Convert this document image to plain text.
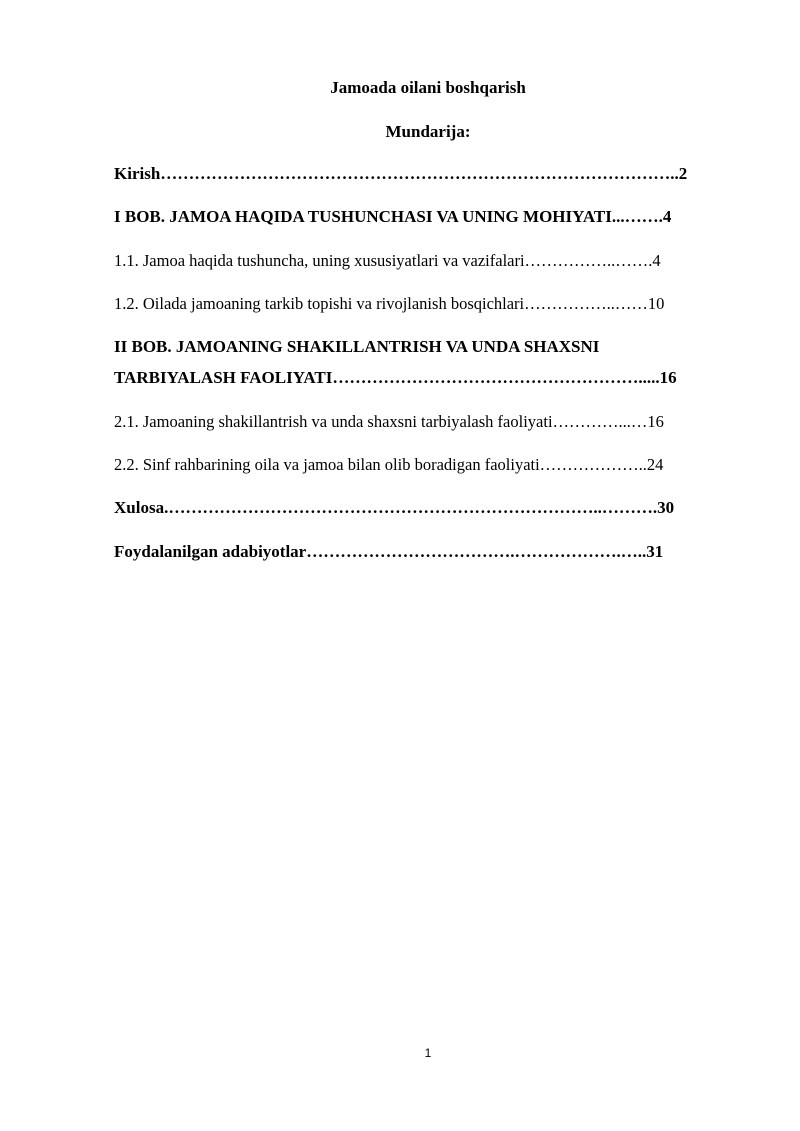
Jamoada oilani boshqarish
Mundarija:
Kirish………………………………………………………………………………..2
I BOB. JAMOA HAQIDA TUSHUNCHASI VA UNING MOHIYATI...…….4
1.1. Jamoa haqida tushuncha, uning xususiyatlari va vazifalari……………..…….4
1.2. Oilada jamoaning tarkib topishi va rivojlanish bosqichlari……………..……10
II BOB. JAMOANING SHAKILLANTRISH VA UNDA SHAXSNI
TARBIYALASH FAOLIYATI……………………………………………….....16
2.1. Jamoaning shakillantrish va unda shaxsni tarbiyalash faoliyati…………...…16
2.2. Sinf rahbarining oila va jamoa bilan olib boradigan faoliyati………………..24
Xulosa.…………………………………………………………………..……….30
Foydalanilgan adabiyotlar……………………………….……………….…..31
1
